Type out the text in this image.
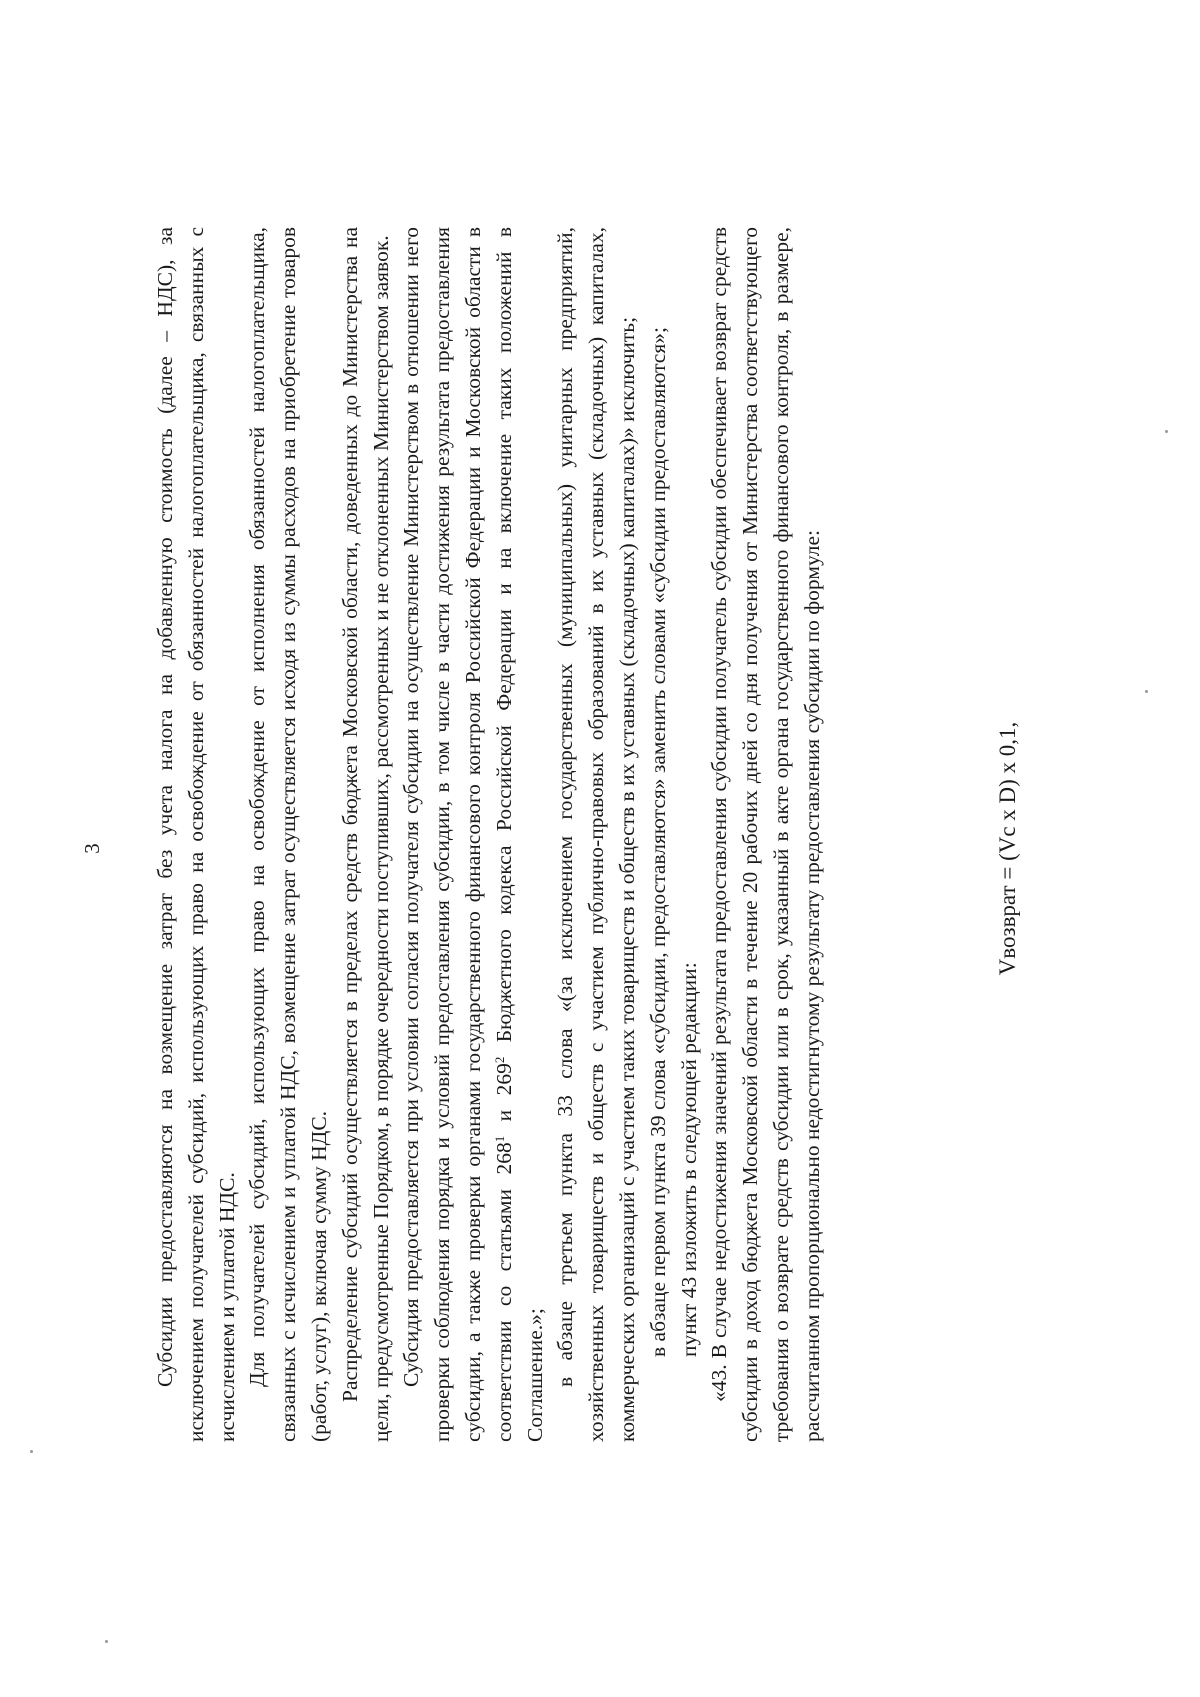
3 Субсидии предоставляются на возмещение затрат без учета налога на добавленную стоимость (далее – НДС), за исключением получателей субсидий, использующих право на освобождение от обязанностей налогоплательщика, связанных с исчислением и уплатой НДС. Для получателей субсидий, использующих право на освобождение от исполнения обязанностей налогоплательщика, связанных с исчислением и уплатой НДС, возмещение затрат осуществляется исходя из суммы расходов на приобретение товаров (работ, услуг), включая сумму НДС. Распределение субсидий осуществляется в пределах средств бюджета Московской области, доведенных до Министерства на цели, предусмотренные Порядком, в порядке очередности поступивших, рассмотренных и не отклоненных Министерством заявок. Субсидия предоставляется при условии согласия получателя субсидии на осуществление Министерством в отношении него проверки соблюдения порядка и условий предоставления субсидии, в том числе в части достижения результата предоставления субсидии, а также проверки органами государственного финансового контроля Российской Федерации и Московской области в соответствии со статьями $268^1$ и $269^2$ Бюджетного кодекса Российской Федерации и на включение таких положений в Соглашение.»; в абзаце третьем пункта 33 слова «(за исключением государственных (муниципальных) унитарных предприятий, хозяйственных товариществ и обществ с участием публично-правовых образований в их уставных (складочных) капиталах, коммерческих организаций с участием таких товариществ и обществ в их уставных (складочных) капиталах)» исключить; в абзаце первом пункта 39 слова «субсидии, предоставляются» заменить словами «субсидии предоставляются»; пункт 43 изложить в следующей редакции: «43. В случае недостижения значений результата предоставления субсидии получатель субсидии обеспечивает возврат средств субсидии в доход бюджета Московской области в течение 20 рабочих дней со дня получения от Министерства соответствующего требования о возврате средств субсидии или в срок, указанный в акте органа государственного финансового контроля, в размере, рассчитанном пропорционально недостигнутому результату предоставления субсидии по формуле:	Vвозврат = (Vс x D) x 0,1,
